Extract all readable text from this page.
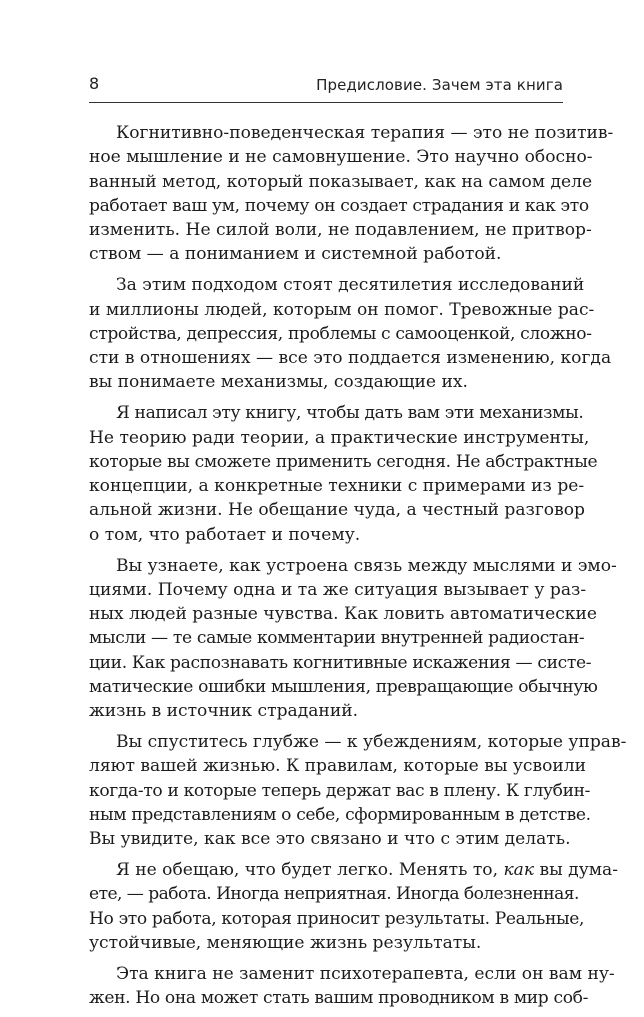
8	Предисловие. Зачем эта книга

Когнитивно-поведенческая терапия — это не позитив-
ное мышление и не самовнушение. Это научно обосно-
ванный метод, который показывает, как на самом деле
работает ваш ум, почему он создает страдания и как это
изменить. Не силой воли, не подавлением, не притвор-
ством — а пониманием и системной работой.

За этим подходом стоят десятилетия исследований
и миллионы людей, которым он помог. Тревожные рас-
стройства, депрессия, проблемы с самооценкой, сложно-
сти в отношениях — все это поддается изменению, когда
вы понимаете механизмы, создающие их.

Я написал эту книгу, чтобы дать вам эти механизмы.
Не теорию ради теории, а практические инструменты,
которые вы сможете применить сегодня. Не абстрактные
концепции, а конкретные техники с примерами из ре-
альной жизни. Не обещание чуда, а честный разговор
о том, что работает и почему.

Вы узнаете, как устроена связь между мыслями и эмо-
циями. Почему одна и та же ситуация вызывает у раз-
ных людей разные чувства. Как ловить автоматические
мысли — те самые комментарии внутренней радиостан-
ции. Как распознавать когнитивные искажения — систе-
матические ошибки мышления, превращающие обычную
жизнь в источник страданий.

Вы спуститесь глубже — к убеждениям, которые управ-
ляют вашей жизнью. К правилам, которые вы усвоили
когда-то и которые теперь держат вас в плену. К глубин-
ным представлениям о себе, сформированным в детстве.
Вы увидите, как все это связано и что с этим делать.

Я не обещаю, что будет легко. Менять то, как вы дума-
ете, — работа. Иногда неприятная. Иногда болезненная.
Но это работа, которая приносит результаты. Реальные,
устойчивые, меняющие жизнь результаты.

Эта книга не заменит психотерапевта, если он вам ну-
жен. Но она может стать вашим проводником в мир соб-
